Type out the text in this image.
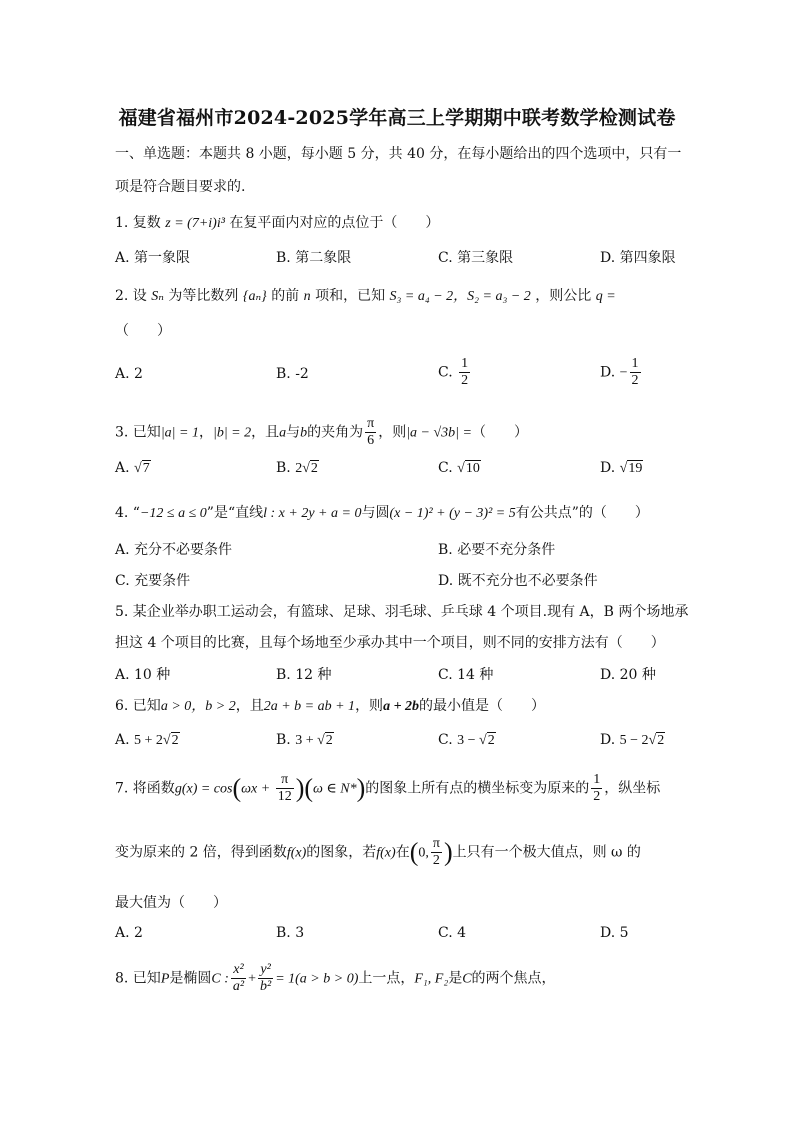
福建省福州市2024-2025学年高三上学期期中联考数学检测试卷
一、单选题：本题共 8 小题，每小题 5 分，共 40 分，在每小题给出的四个选项中，只有一
项是符合题目要求的.
1. 复数 z = (7+i)i³ 在复平面内对应的点位于（　　）
A. 第一象限	B. 第二象限	C. 第三象限	D. 第四象限
2. 设 Sₙ 为等比数列 {aₙ} 的前 n 项和，已知 S₃ = a₄ − 2，S₂ = a₃ − 2 ，则公比 q =
（　　）
A. 2	B. -2	C. $\frac{1}{2}$	D. − $\frac{1}{2}$
3. 已知|a| = 1，|b| = 2，且a与b的夹角为 $\frac{\pi}{6}$ ，则|a − √3b| =（　　）
A. √7	B. 2√2	C. √10	D. √19
4. “−12 ≤ a ≤ 0”是“直线l : x + 2y + a = 0与圆(x − 1)² + (y − 3)² = 5有公共点”的（　　）
A. 充分不必要条件	B. 必要不充分条件
C. 充要条件	D. 既不充分也不必要条件
5. 某企业举办职工运动会，有篮球、足球、羽毛球、乒乓球 4 个项目.现有 A，B 两个场地承
担这 4 个项目的比赛，且每个场地至少承办其中一个项目，则不同的安排方法有（　　）
A. 10 种	B. 12 种	C. 14 种	D. 20 种
6. 已知a > 0，b > 2，且2a + b = ab + 1，则a + 2b的最小值是（　　）
A. 5 + 2√2	B. 3 + √2	C. 3 − √2	D. 5 − 2√2
7. 将函数$g(x) = \cos(\omega x + \frac{\pi}{12} )(\omega$ ∈ N*)的图象上所有点的横坐标变为原来的 $\frac{1}{2}$ ，纵坐标
变为原来的 2 倍，得到函数f(x)的图象，若f(x)在(0, $\frac{\pi}{2}$ )上只有一个极大值点，则 ω 的
最大值为（　　）
A. 2	B. 3	C. 4	D. 5
8. 已知P是椭圆C : $\frac{\text{x²}}{\text{a²}} + \frac{\text{y²}}{\text{b²}} = 1(a > b > 0)$上一点，F₁, F₂是C的两个焦点，
